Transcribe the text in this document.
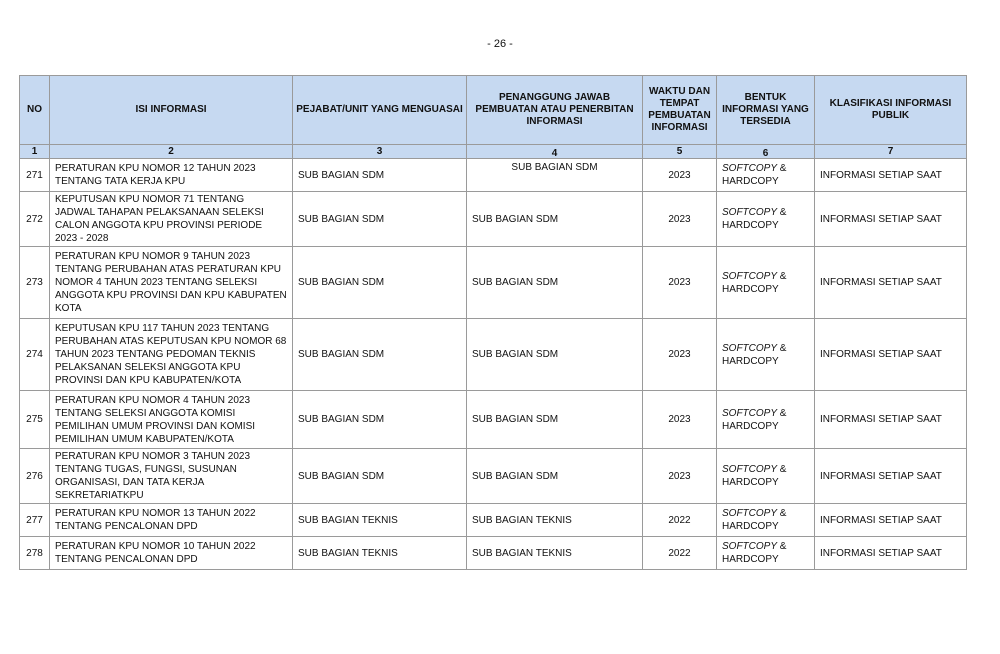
- 26 -
NO	ISI INFORMASI	PEJABAT/UNIT YANG MENGUASAI	PENANGGUNG JAWAB PEMBUATAN ATAU PENERBITAN INFORMASI	WAKTU DAN TEMPAT PEMBUATAN INFORMASI	BENTUK INFORMASI YANG TERSEDIA	KLASIFIKASI INFORMASI PUBLIK
1	2	3	4	5	6	7
271	PERATURAN KPU NOMOR 12 TAHUN 2023 TENTANG TATA KERJA KPU	SUB BAGIAN SDM	SUB BAGIAN SDM	2023	SOFTCOPY & HARDCOPY	INFORMASI SETIAP SAAT
272	KEPUTUSAN KPU NOMOR 71 TENTANG JADWAL TAHAPAN PELAKSANAAN SELEKSI CALON ANGGOTA KPU PROVINSI PERIODE 2023 - 2028	SUB BAGIAN SDM	SUB BAGIAN SDM	2023	SOFTCOPY & HARDCOPY	INFORMASI SETIAP SAAT
273	PERATURAN KPU NOMOR 9 TAHUN 2023 TENTANG PERUBAHAN ATAS PERATURAN KPU NOMOR 4 TAHUN 2023 TENTANG SELEKSI ANGGOTA KPU PROVINSI DAN KPU KABUPATEN KOTA	SUB BAGIAN SDM	SUB BAGIAN SDM	2023	SOFTCOPY & HARDCOPY	INFORMASI SETIAP SAAT
274	KEPUTUSAN KPU 117 TAHUN 2023 TENTANG PERUBAHAN ATAS KEPUTUSAN KPU NOMOR 68 TAHUN 2023 TENTANG PEDOMAN TEKNIS PELAKSANAN SELEKSI ANGGOTA KPU PROVINSI DAN KPU KABUPATEN/KOTA	SUB BAGIAN SDM	SUB BAGIAN SDM	2023	SOFTCOPY & HARDCOPY	INFORMASI SETIAP SAAT
275	PERATURAN KPU NOMOR 4 TAHUN 2023 TENTANG SELEKSI ANGGOTA KOMISI PEMILIHAN UMUM PROVINSI DAN KOMISI PEMILIHAN UMUM KABUPATEN/KOTA	SUB BAGIAN SDM	SUB BAGIAN SDM	2023	SOFTCOPY & HARDCOPY	INFORMASI SETIAP SAAT
276	PERATURAN KPU NOMOR 3 TAHUN 2023 TENTANG TUGAS, FUNGSI, SUSUNAN ORGANISASI, DAN TATA KERJA SEKRETARIATKPU	SUB BAGIAN SDM	SUB BAGIAN SDM	2023	SOFTCOPY & HARDCOPY	INFORMASI SETIAP SAAT
277	PERATURAN KPU NOMOR 13 TAHUN 2022 TENTANG PENCALONAN DPD	SUB BAGIAN TEKNIS	SUB BAGIAN TEKNIS	2022	SOFTCOPY & HARDCOPY	INFORMASI SETIAP SAAT
278	PERATURAN KPU NOMOR 10 TAHUN 2022 TENTANG PENCALONAN DPD	SUB BAGIAN TEKNIS	SUB BAGIAN TEKNIS	2022	SOFTCOPY & HARDCOPY	INFORMASI SETIAP SAAT
